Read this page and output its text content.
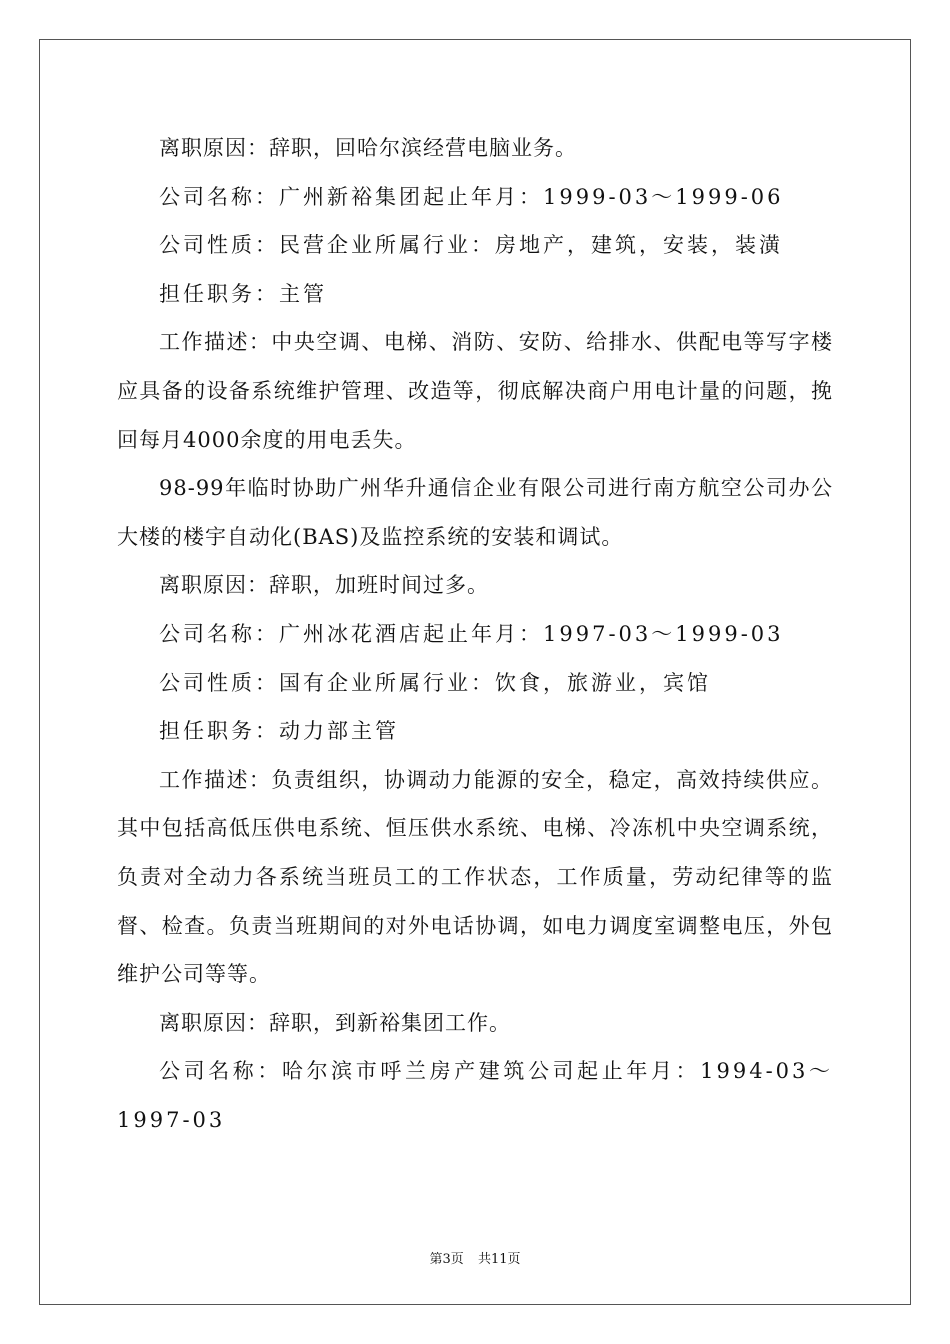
离职原因：辞职，回哈尔滨经营电脑业务。

公司名称：广州新裕集团起止年月：1999-03～1999-06

公司性质：民营企业所属行业：房地产，建筑，安装，装潢

担任职务：主管

工作描述：中央空调、电梯、消防、安防、给排水、供配电等写字楼应具备的设备系统维护管理、改造等，彻底解决商户用电计量的问题，挽回每月4000余度的用电丢失。

98-99年临时协助广州华升通信企业有限公司进行南方航空公司办公大楼的楼宇自动化(BAS)及监控系统的安装和调试。

离职原因：辞职，加班时间过多。

公司名称：广州冰花酒店起止年月：1997-03～1999-03

公司性质：国有企业所属行业：饮食，旅游业，宾馆

担任职务：动力部主管

工作描述：负责组织，协调动力能源的安全，稳定，高效持续供应。其中包括高低压供电系统、恒压供水系统、电梯、冷冻机中央空调系统，负责对全动力各系统当班员工的工作状态，工作质量，劳动纪律等的监督、检查。负责当班期间的对外电话协调，如电力调度室调整电压，外包维护公司等等。

离职原因：辞职，到新裕集团工作。

公司名称：哈尔滨市呼兰房产建筑公司起止年月：1994-03～1997-03

第3页 共11页
